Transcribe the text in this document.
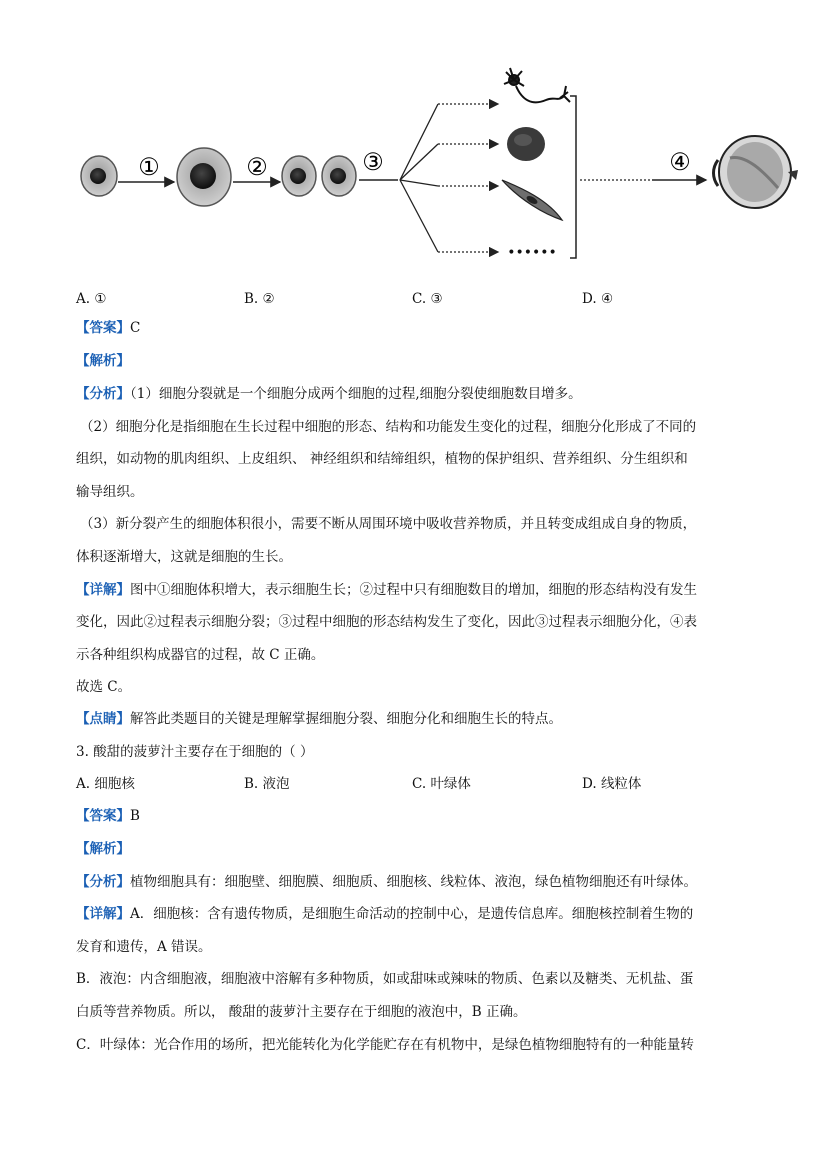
①	②	③
••••••
④
A. ①	B. ②	C. ③	D. ④
【答案】C
【解析】
【分析】（1）细胞分裂就是一个细胞分成两个细胞的过程,细胞分裂使细胞数目增多。
（2）细胞分化是指细胞在生长过程中细胞的形态、结构和功能发生变化的过程，细胞分化形成了不同的
组织，如动物的肌肉组织、上皮组织、 神经组织和结缔组织，植物的保护组织、营养组织、分生组织和
输导组织。
（3）新分裂产生的细胞体积很小，需要不断从周围环境中吸收营养物质，并且转变成组成自身的物质，
体积逐渐增大，这就是细胞的生长。
【详解】图中①细胞体积增大，表示细胞生长；②过程中只有细胞数目的增加，细胞的形态结构没有发生
变化，因此②过程表示细胞分裂；③过程中细胞的形态结构发生了变化，因此③过程表示细胞分化，④表
示各种组织构成器官的过程，故 C 正确。
故选 C。
【点睛】解答此类题目的关键是理解掌握细胞分裂、细胞分化和细胞生长的特点。
3. 酸甜的菠萝汁主要存在于细胞的（ ）
A. 细胞核	B. 液泡	C. 叶绿体	D. 线粒体
【答案】B
【解析】
【分析】植物细胞具有：细胞壁、细胞膜、细胞质、细胞核、线粒体、液泡，绿色植物细胞还有叶绿体。
【详解】A．细胞核：含有遗传物质，是细胞生命活动的控制中心，是遗传信息库。细胞核控制着生物的
发育和遗传，A 错误。
B．液泡：内含细胞液，细胞液中溶解有多种物质，如或甜味或辣味的物质、色素以及糖类、无机盐、蛋
白质等营养物质。所以， 酸甜的菠萝汁主要存在于细胞的液泡中，B 正确。
C．叶绿体：光合作用的场所，把光能转化为化学能贮存在有机物中，是绿色植物细胞特有的一种能量转
